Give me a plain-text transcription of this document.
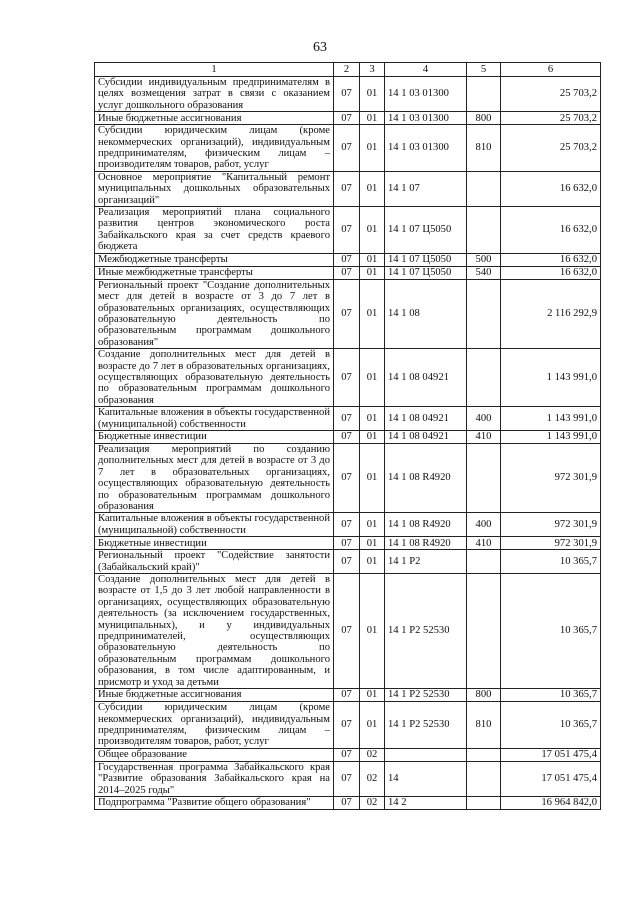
63
1	2	3	4	5	6
Субсидии индивидуальным предпринимателям в целях возмещения затрат в связи с оказанием услуг дошкольного образования	07	01	14 1 03 01300		25 703,2
Иные бюджетные ассигнования	07	01	14 1 03 01300	800	25 703,2
Субсидии юридическим лицам (кроме некоммерческих организаций), индивидуальным предпринимателям, физическим лицам – производителям товаров, работ, услуг	07	01	14 1 03 01300	810	25 703,2
Основное мероприятие "Капитальный ремонт муниципальных дошкольных образовательных организаций"	07	01	14 1 07		16 632,0
Реализация мероприятий плана социального развития центров экономического роста Забайкальского края за счет средств краевого бюджета	07	01	14 1 07 Ц5050		16 632,0
Межбюджетные трансферты	07	01	14 1 07 Ц5050	500	16 632,0
Иные межбюджетные трансферты	07	01	14 1 07 Ц5050	540	16 632,0
Региональный проект "Создание дополнительных мест для детей в возрасте от 3 до 7 лет в образовательных организациях, осуществляющих образовательную деятельность по образовательным программам дошкольного образования"	07	01	14 1 08		2 116 292,9
Создание дополнительных мест для детей в возрасте до 7 лет в образовательных организациях, осуществляющих образовательную деятельность по образовательным программам дошкольного образования	07	01	14 1 08 04921		1 143 991,0
Капитальные вложения в объекты государственной (муниципальной) собственности	07	01	14 1 08 04921	400	1 143 991,0
Бюджетные инвестиции	07	01	14 1 08 04921	410	1 143 991,0
Реализация мероприятий по созданию дополнительных мест для детей в возрасте от 3 до 7 лет в образовательных организациях, осуществляющих образовательную деятельность по образовательным программам дошкольного образования	07	01	14 1 08 R4920		972 301,9
Капитальные вложения в объекты государственной (муниципальной) собственности	07	01	14 1 08 R4920	400	972 301,9
Бюджетные инвестиции	07	01	14 1 08 R4920	410	972 301,9
Региональный проект "Содействие занятости (Забайкальский край)"	07	01	14 1 P2		10 365,7
Создание дополнительных мест для детей в возрасте от 1,5 до 3 лет любой направленности в организациях, осуществляющих образовательную деятельность (за исключением государственных, муниципальных), и у индивидуальных предпринимателей, осуществляющих образовательную деятельность по образовательным программам дошкольного образования, в том числе адаптированным, и присмотр и уход за детьми	07	01	14 1 P2 52530		10 365,7
Иные бюджетные ассигнования	07	01	14 1 P2 52530	800	10 365,7
Субсидии юридическим лицам (кроме некоммерческих организаций), индивидуальным предпринимателям, физическим лицам – производителям товаров, работ, услуг	07	01	14 1 P2 52530	810	10 365,7
Общее образование	07	02			17 051 475,4
Государственная программа Забайкальского края "Развитие образования Забайкальского края на 2014–2025 годы"	07	02	14		17 051 475,4
Подпрограмма "Развитие общего образования"	07	02	14 2		16 964 842,0
